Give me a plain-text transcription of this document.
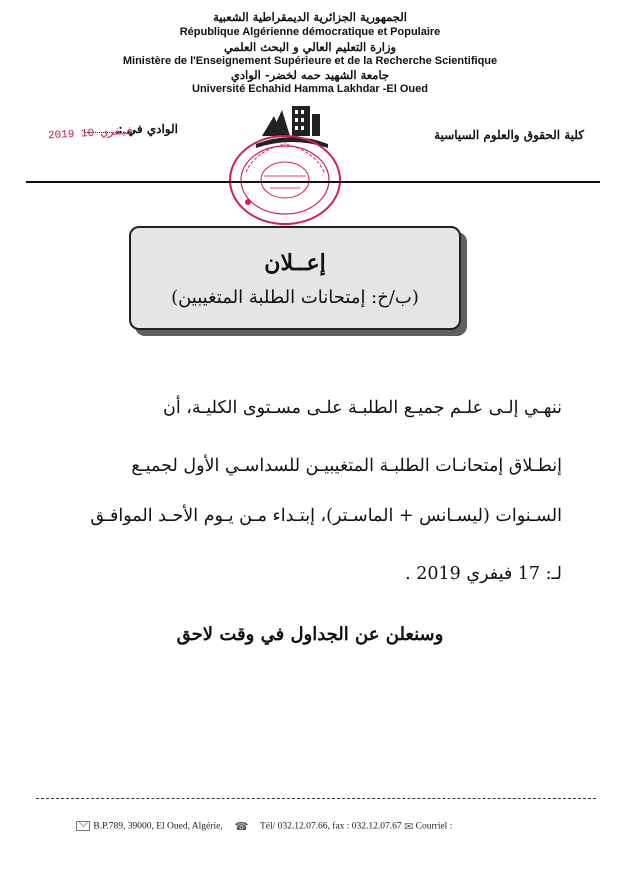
الجمهورية الجزائرية الديمقراطية الشعبية
République Algérienne démocratique et Populaire
وزارة التعليم العالي و البحث العلمي
Ministère de l'Enseignement Supérieure et de la Recherche Scientifique
جامعة الشهيد حمه لخضر- الوادي
Université Echahid Hamma Lakhdar -El Oued
كلية الحقوق والعلوم السياسية
الوادي في :
2019 فيفري 10
إعــلان
(ب/خ: إمتحانات الطلبة المتغيبين)
ننهـي إلـى علـم جميـع الطلبـة علـى مسـتوى الكليـة، أن
إنطـلاق إمتحانـات الطلبـة المتغيبيـن للسداسـي الأول لجميـع
السـنوات (ليسـانس + الماسـتر)، إبتـداء مـن يـوم الأحـد الموافـق
لـ: 17 فيفري 2019 .
وسنعلن عن الجداول في وقت لاحق
B.P.789, 39000, El Oued, Algérie, ☎ Tél/ 032.12.07.66, fax : 032.12.07.67 ✉ Courriel :
